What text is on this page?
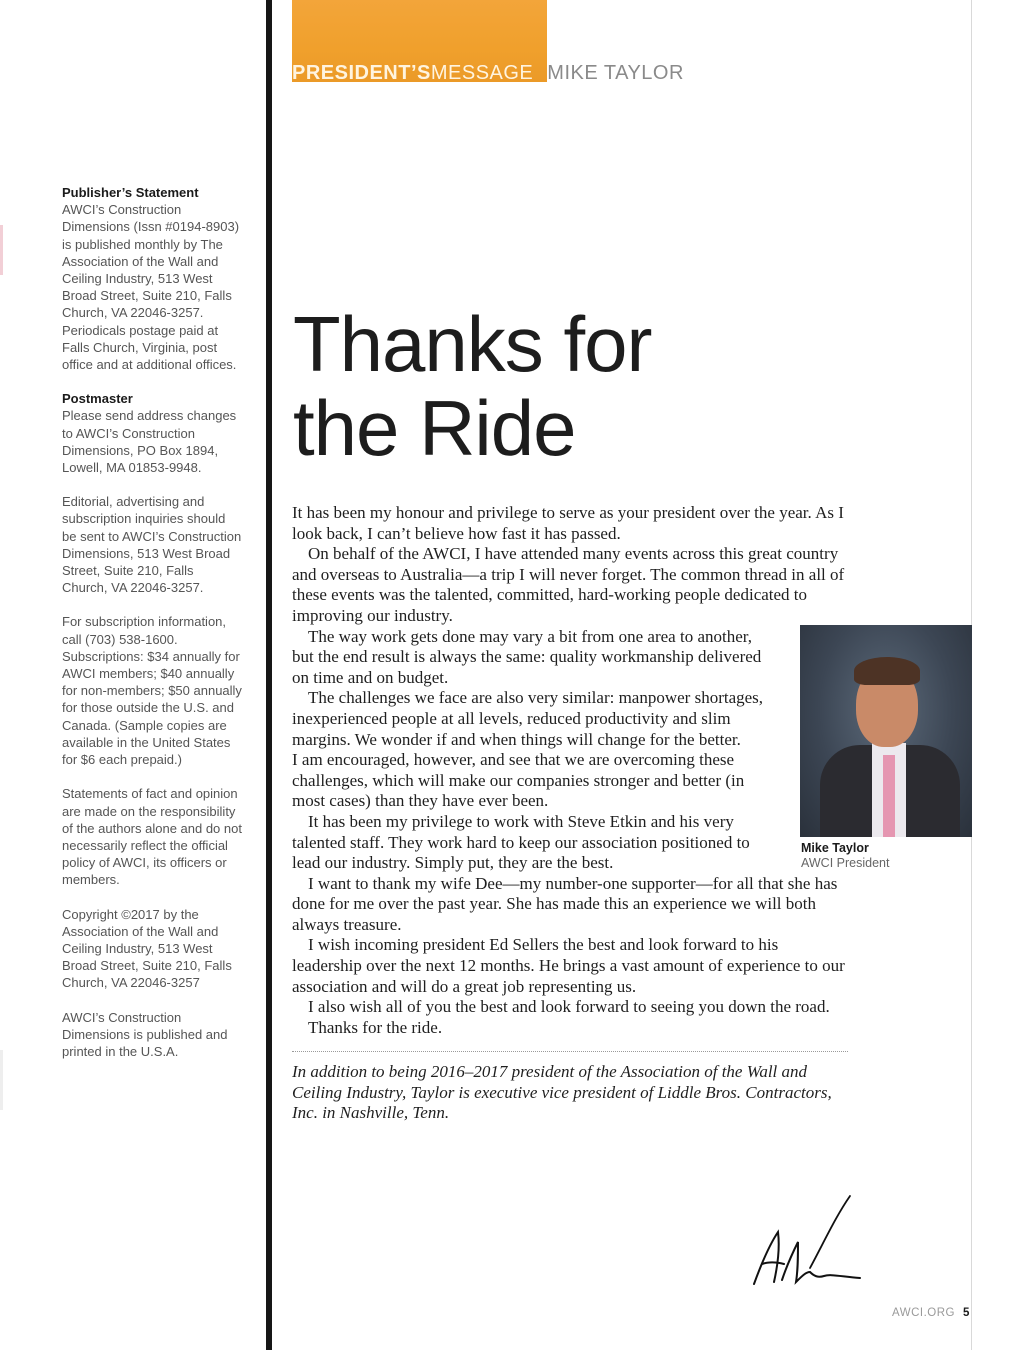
PRESIDENT’SMESSAGE MIKE TAYLOR
Publisher’s Statement
AWCI’s Construction Dimensions (Issn #0194-8903) is published monthly by The Association of the Wall and Ceiling Industry, 513 West Broad Street, Suite 210, Falls Church, VA 22046-3257. Periodicals postage paid at Falls Church, Virginia, post office and at additional offices.
Postmaster
Please send address changes to AWCI’s Construction Dimensions, PO Box 1894, Lowell, MA 01853-9948.
Editorial, advertising and subscription inquiries should be sent to AWCI’s Construction Dimensions, 513 West Broad Street, Suite 210, Falls Church, VA 22046-3257.
For subscription information, call (703) 538-1600. Subscriptions: $34 annually for AWCI members; $40 annually for non-members; $50 annually for those outside the U.S. and Canada. (Sample copies are available in the United States for $6 each prepaid.)
Statements of fact and opinion are made on the responsibility of the authors alone and do not necessarily reflect the official policy of AWCI, its officers or members.
Copyright ©2017 by the Association of the Wall and Ceiling Industry, 513 West Broad Street, Suite 210, Falls Church, VA 22046-3257
AWCI’s Construction Dimensions is published and printed in the U.S.A.
Thanks for
the Ride

It has been my honour and privilege to serve as your president over the year. As I look back, I can’t believe how fast it has passed.

On behalf of the AWCI, I have attended many events across this great country and overseas to Australia—a trip I will never forget. The common thread in all of these events was the talented, committed, hard-working people dedicated to improving our industry.

The way work gets done may vary a bit from one area to another, but the end result is always the same: quality workmanship delivered on time and on budget.

The challenges we face are also very similar: manpower shortages, inexperienced people at all levels, reduced productivity and slim margins. We wonder if and when things will change for the better.

I am encouraged, however, and see that we are overcoming these challenges, which will make our companies stronger and better (in most cases) than they have ever been.

It has been my privilege to work with Steve Etkin and his very talented staff. They work hard to keep our association positioned to lead our industry. Simply put, they are the best.

I want to thank my wife Dee—my number-one supporter—for all that she has done for me over the past year. She has made this an experience we will both always treasure.

I wish incoming president Ed Sellers the best and look forward to his leadership over the next 12 months. He brings a vast amount of experience to our association and will do a great job representing us.

I also wish all of you the best and look forward to seeing you down the road.

Thanks for the ride.

Mike Taylor
AWCI President

In addition to being 2016–2017 president of the Association of the Wall and Ceiling Industry, Taylor is executive vice president of Liddle Bros. Contractors, Inc. in Nashville, Tenn.

AWCI.ORG 5
